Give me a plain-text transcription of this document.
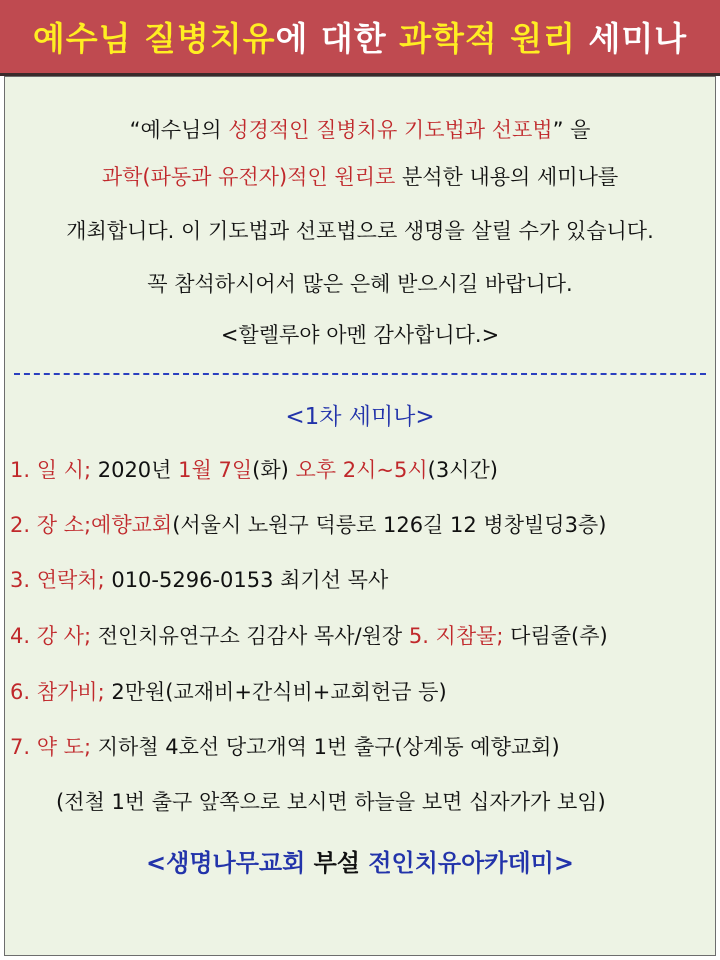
예수님 질병치유 에 대한 과학적 원리 세미나
“예수님의 성경적인 질병치유 기도법과 선포법” 을
과학(파동과 유전자)적인 원리로 분석한 내용의 세미나를
개최합니다. 이 기도법과 선포법으로 생명을 살릴 수가 있습니다.
꼭 참석하시어서 많은 은혜 받으시길 바랍니다.
<할렐루야 아멘 감사합니다.>
<1차 세미나>
1. 일 시; 2020년 1월 7일(화) 오후 2시~5시(3시간)
2. 장 소;예향교회(서울시 노원구 덕릉로 126길 12 병창빌딩3층)
3. 연락처; 010-5296-0153 최기선 목사
4. 강 사; 전인치유연구소 김감사 목사/원장 5. 지참물; 다림줄(추)
6. 참가비; 2만원(교재비+간식비+교회헌금 등)
7. 약 도; 지하철 4호선 당고개역 1번 출구(상계동 예향교회)
(전철 1번 출구 앞쪽으로 보시면 하늘을 보면 십자가가 보임)
<생명나무교회 부설 전인치유아카데미>
